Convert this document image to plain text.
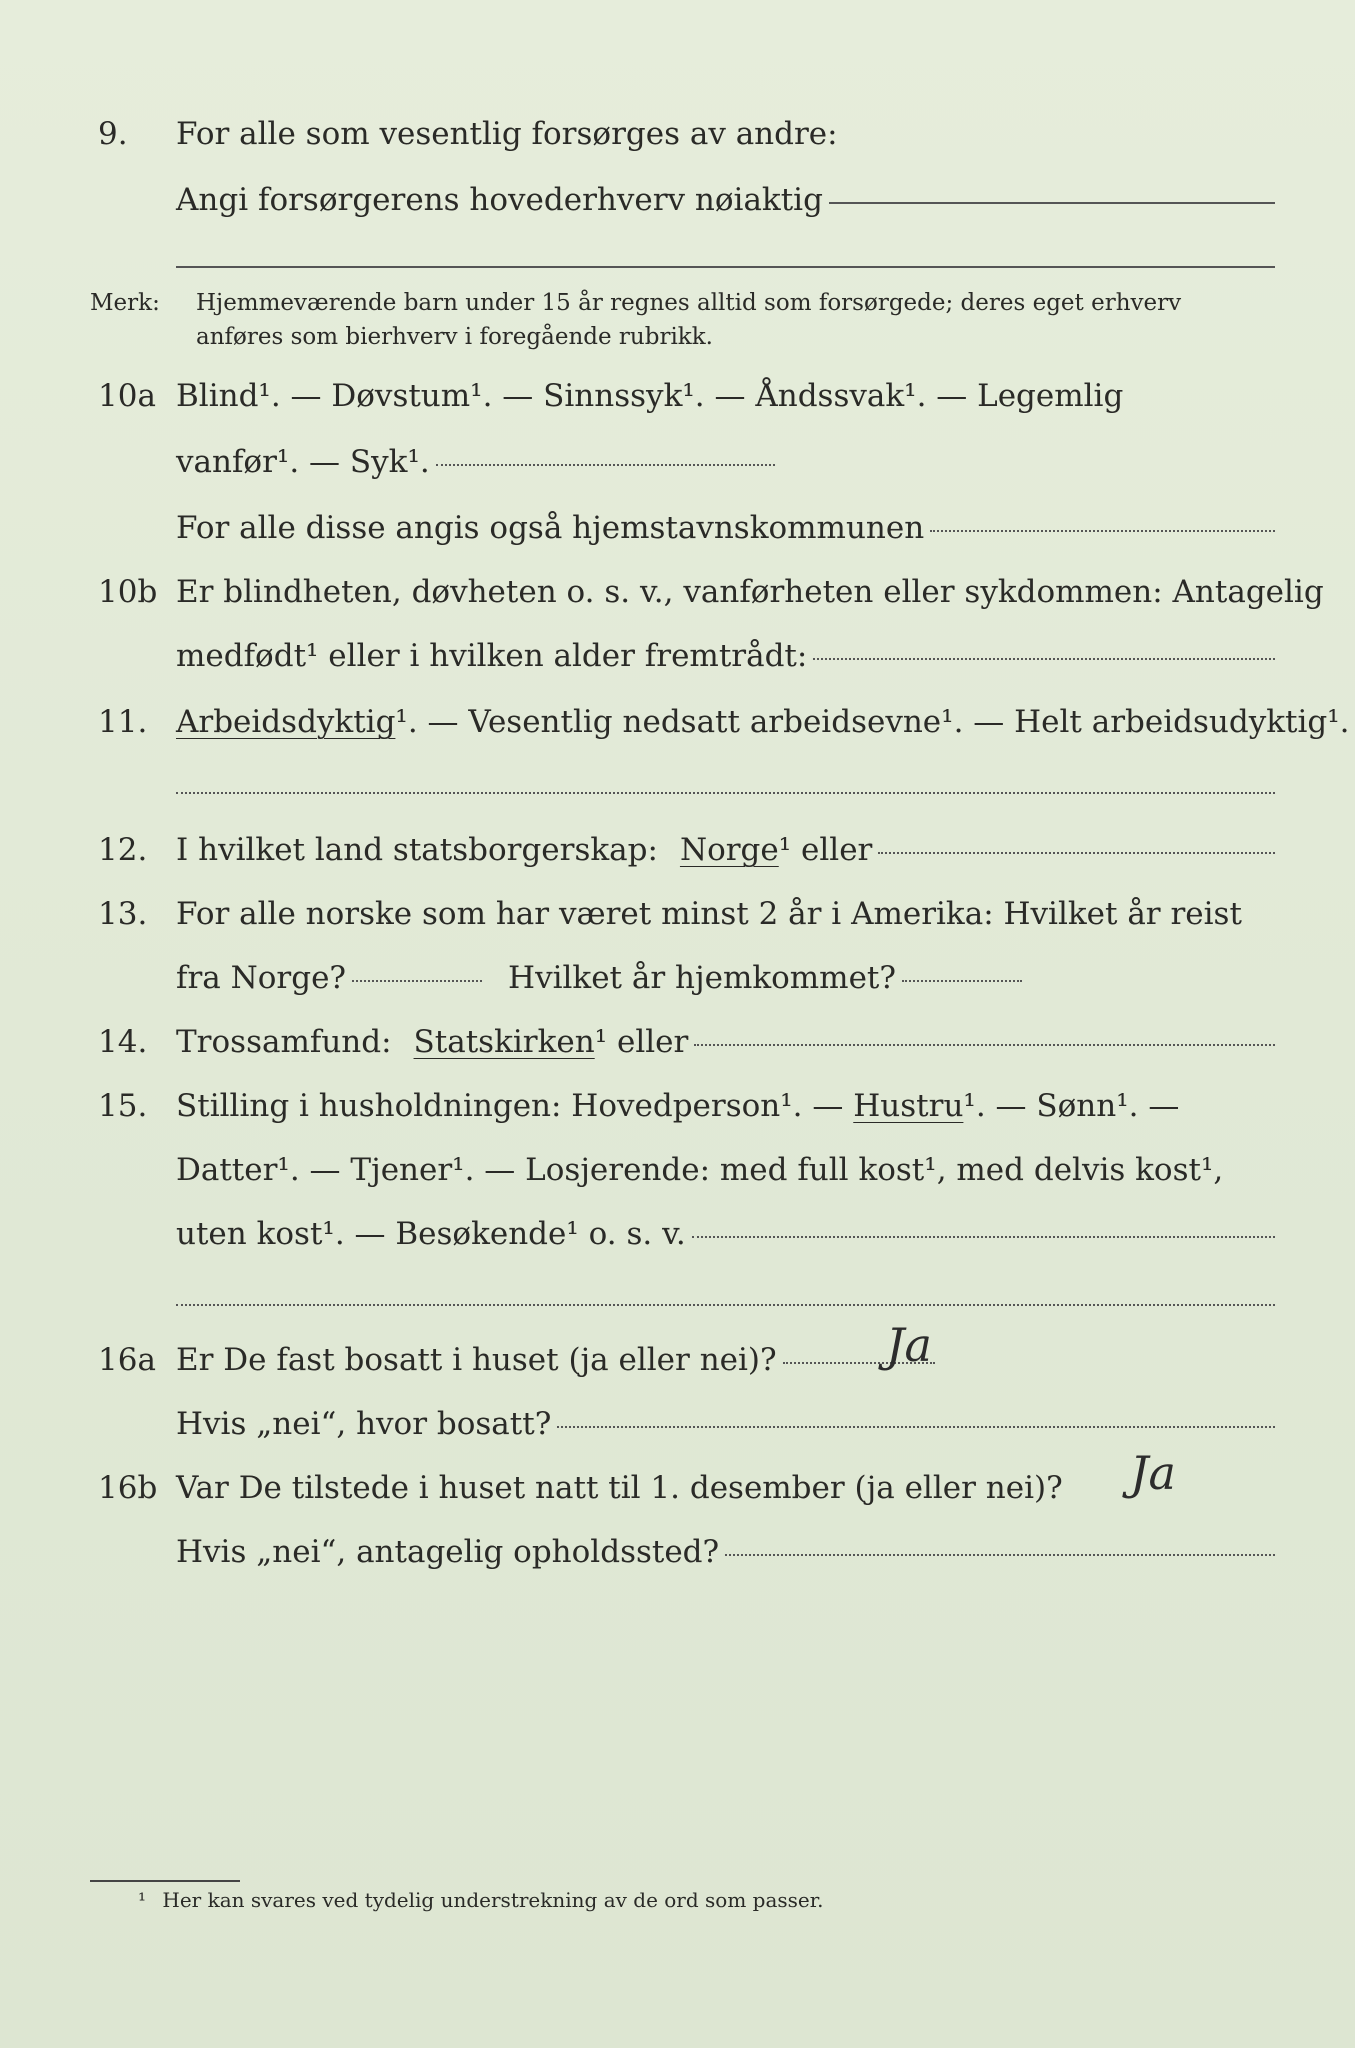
9. For alle som vesentlig forsørges av andre:
Angi forsørgerens hovederhverv nøiaktig
Merk: Hjemmeværende barn under 15 år regnes alltid som forsørgede; deres eget erhverv
anføres som bierhverv i foregående rubrikk.
10a Blind¹. — Døvstum¹. — Sinnssyk¹. — Åndssvak¹. — Legemlig
vanfør¹. — Syk¹.
For alle disse angis også hjemstavnskommunen
10b Er blindheten, døvheten o. s. v., vanførheten eller sykdommen: Antagelig
medfødt¹ eller i hvilken alder fremtrådt:
11. Arbeidsdyktig¹. — Vesentlig nedsatt arbeidsevne¹. — Helt arbeidsudyktig¹.
12. I hvilket land statsborgerskap: Norge ¹ eller
13. For alle norske som har været minst 2 år i Amerika: Hvilket år reist
fra Norge?	Hvilket år hjemkommet?
14. Trossamfund: Statskirken ¹ eller
15. Stilling i husholdningen: Hovedperson¹. — Hustru¹. — Sønn¹. —
Datter¹. — Tjener¹. — Losjerende: med full kost¹, med delvis kost¹,
uten kost¹. — Besøkende¹ o. s. v.
16a Er De fast bosatt i huset (ja eller nei)? Ja
Hvis „nei“, hvor bosatt?
16b Var De tilstede i huset natt til 1. desember (ja eller nei)? Ja
Hvis „nei“, antagelig opholdssted?
¹ Her kan svares ved tydelig understrekning av de ord som passer.
